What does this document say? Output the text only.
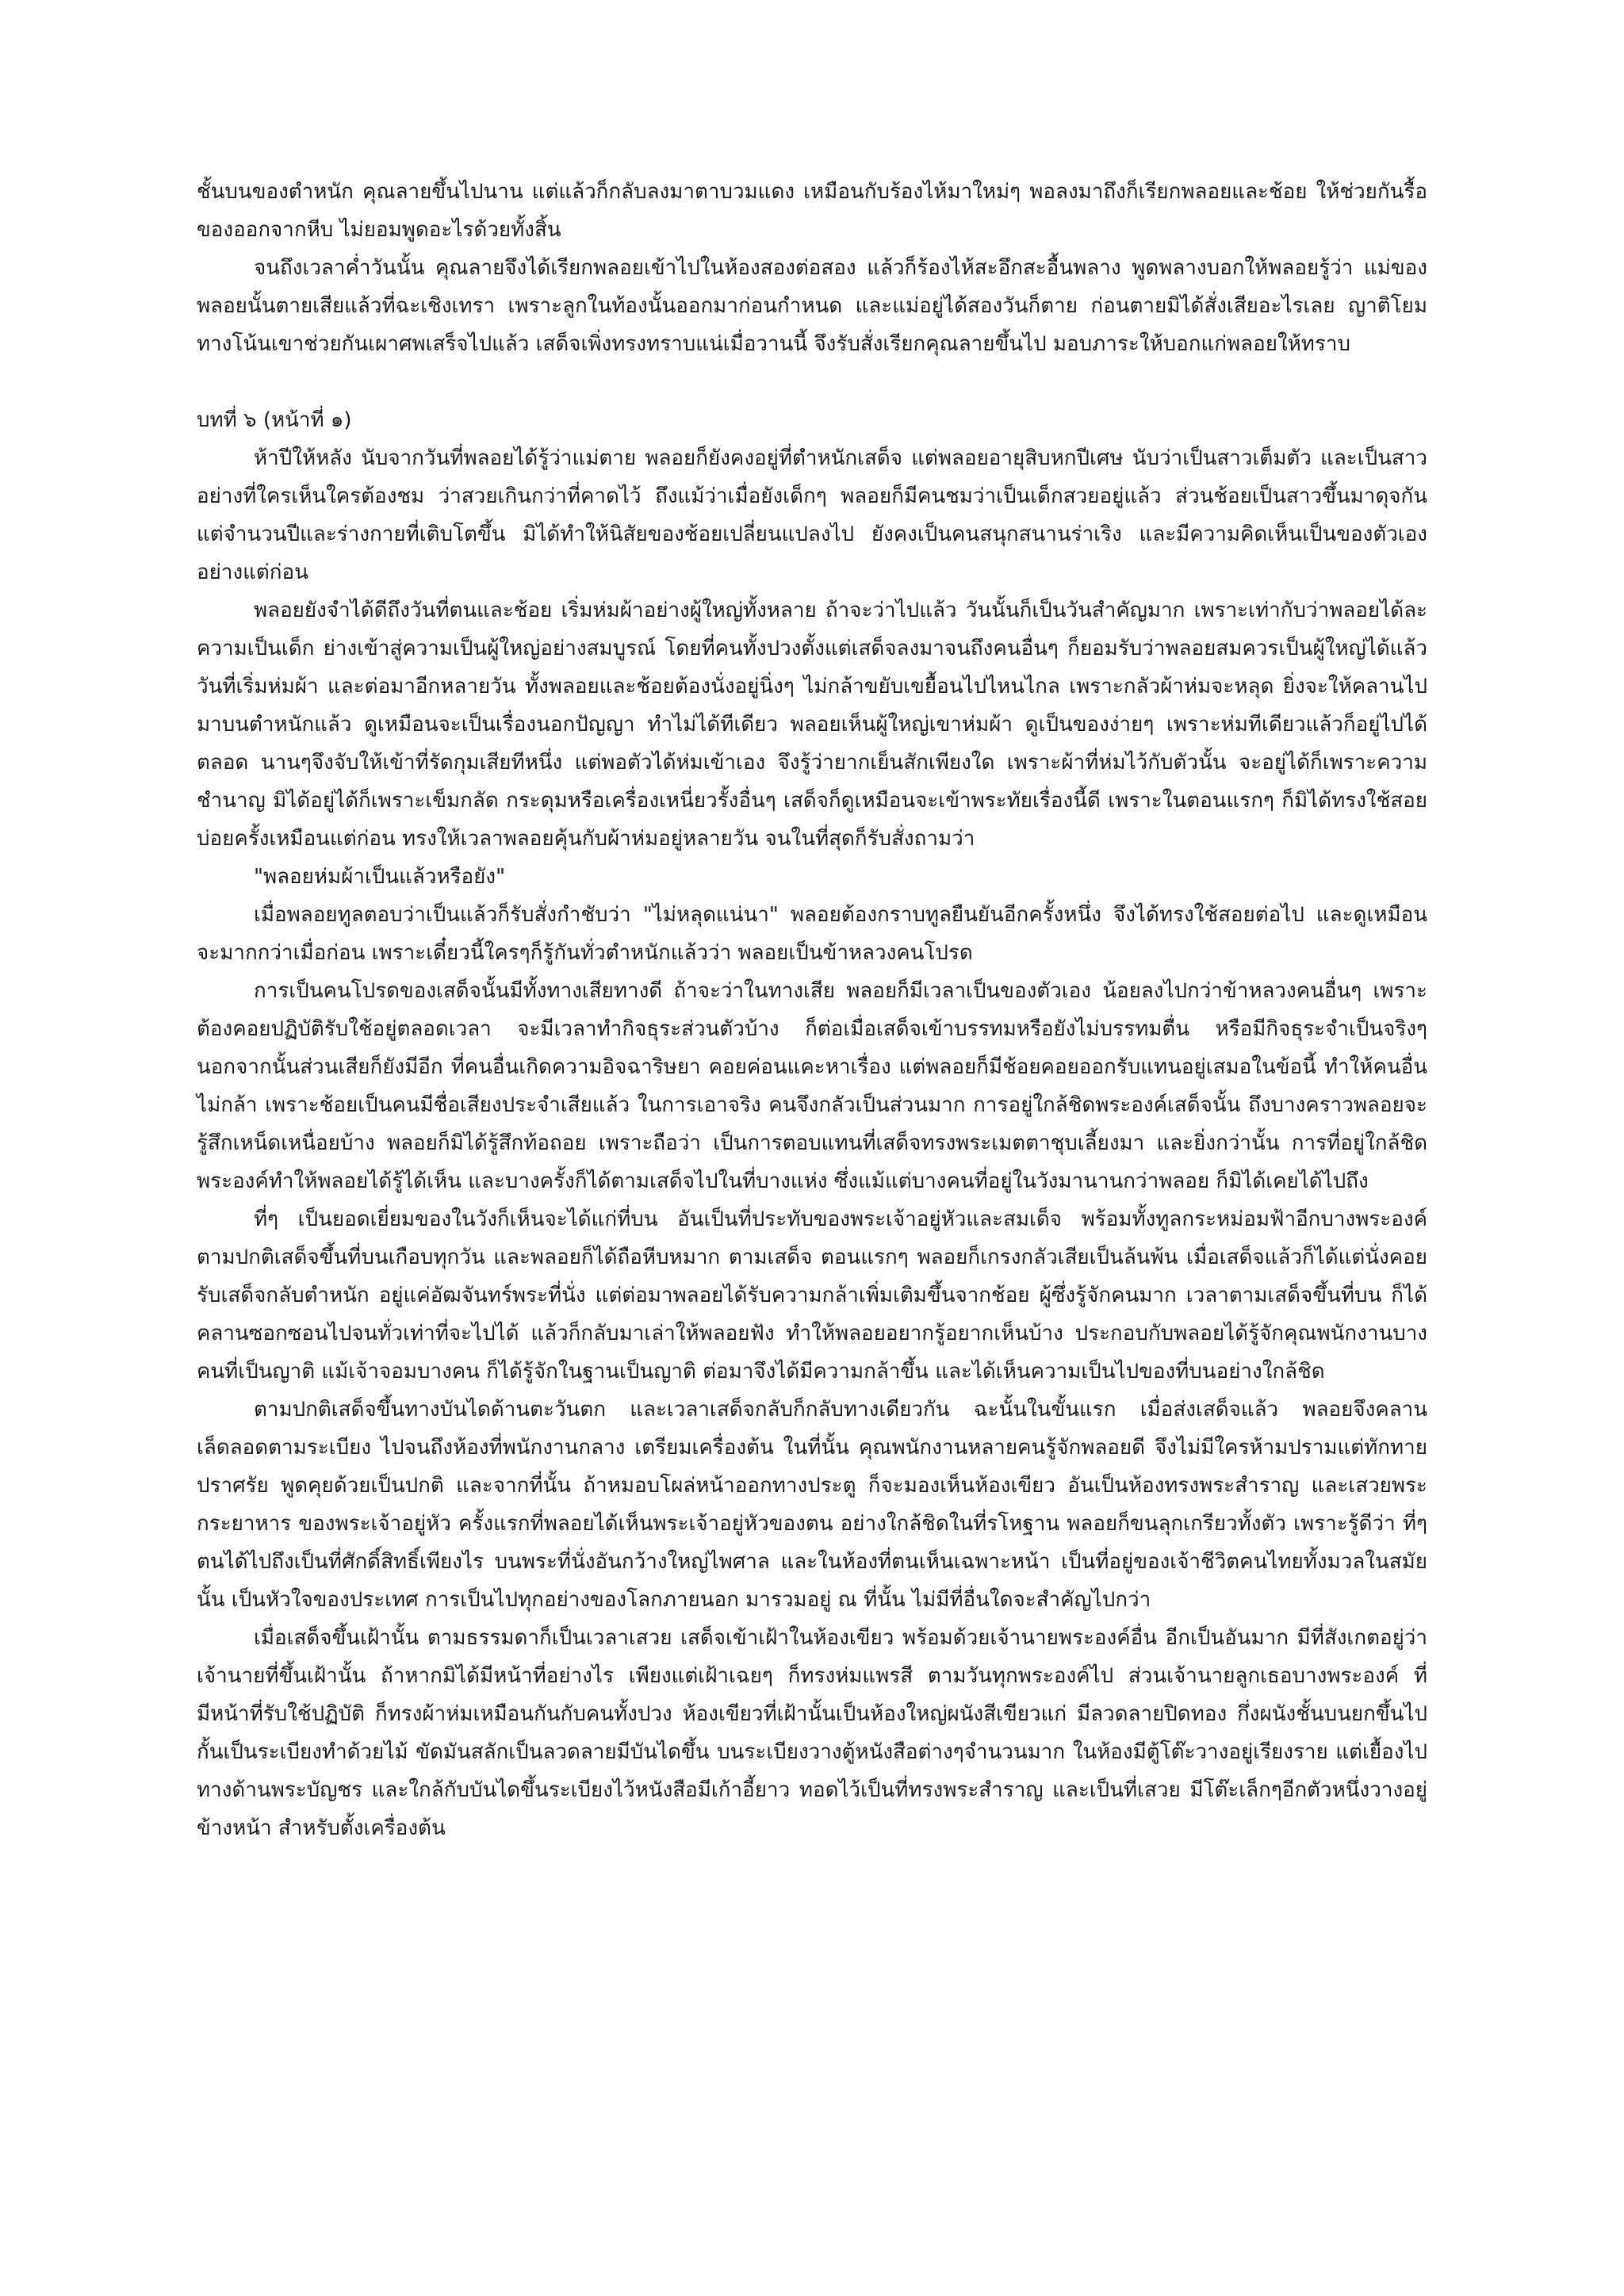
ชั้นบนของตำหนัก คุณลายขึ้นไปนาน แต่แล้วก็กลับลงมาตาบวมแดง เหมือนกับร้องไห้มาใหม่ๆ พอลงมาถึงก็เรียกพลอยและช้อย ให้ช่วยกันรื้อของออกจากหีบ ไม่ยอมพูดอะไรด้วยทั้งสิ้น

จนถึงเวลาค่ำวันนั้น คุณลายจึงได้เรียกพลอยเข้าไปในห้องสองต่อสอง แล้วก็ร้องไห้สะอึกสะอื้นพลาง พูดพลางบอกให้พลอยรู้ว่า แม่ของพลอยนั้นตายเสียแล้วที่ฉะเชิงเทรา เพราะลูกในท้องนั้นออกมาก่อนกำหนด และแม่อยู่ได้สองวันก็ตาย ก่อนตายมิได้สั่งเสียอะไรเลย ญาติโยมทางโน้นเขาช่วยกันเผาศพเสร็จไปแล้ว เสด็จเพิ่งทรงทราบแน่เมื่อวานนี้ จึงรับสั่งเรียกคุณลายขึ้นไป มอบภาระให้บอกแก่พลอยให้ทราบ

บทที่ ๖ (หน้าที่ ๑)

ห้าปีให้หลัง นับจากวันที่พลอยได้รู้ว่าแม่ตาย พลอยก็ยังคงอยู่ที่ตำหนักเสด็จ แต่พลอยอายุสิบหกปีเศษ นับว่าเป็นสาวเต็มตัว และเป็นสาวอย่างที่ใครเห็นใครต้องชม ว่าสวยเกินกว่าที่คาดไว้ ถึงแม้ว่าเมื่อยังเด็กๆ พลอยก็มีคนชมว่าเป็นเด็กสวยอยู่แล้ว ส่วนช้อยเป็นสาวขึ้นมาดุจกัน แต่จำนวนปีและร่างกายที่เติบโตขึ้น มิได้ทำให้นิสัยของช้อยเปลี่ยนแปลงไป ยังคงเป็นคนสนุกสนานร่าเริง และมีความคิดเห็นเป็นของตัวเอง อย่างแต่ก่อน

พลอยยังจำได้ดีถึงวันที่ตนและช้อย เริ่มห่มผ้าอย่างผู้ใหญ่ทั้งหลาย ถ้าจะว่าไปแล้ว วันนั้นก็เป็นวันสำคัญมาก เพราะเท่ากับว่าพลอยได้ละความเป็นเด็ก ย่างเข้าสู่ความเป็นผู้ใหญ่อย่างสมบูรณ์ โดยที่คนทั้งปวงตั้งแต่เสด็จลงมาจนถึงคนอื่นๆ ก็ยอมรับว่าพลอยสมควรเป็นผู้ใหญ่ได้แล้ว วันที่เริ่มห่มผ้า และต่อมาอีกหลายวัน ทั้งพลอยและช้อยต้องนั่งอยู่นิ่งๆ ไม่กล้าขยับเขยื้อนไปไหนไกล เพราะกลัวผ้าห่มจะหลุด ยิ่งจะให้คลานไปมาบนตำหนักแล้ว ดูเหมือนจะเป็นเรื่องนอกปัญญา ทำไม่ได้ทีเดียว พลอยเห็นผู้ใหญ่เขาห่มผ้า ดูเป็นของง่ายๆ เพราะห่มทีเดียวแล้วก็อยู่ไปได้ตลอด นานๆจึงจับให้เข้าที่รัดกุมเสียทีหนึ่ง แต่พอตัวได้ห่มเข้าเอง จึงรู้ว่ายากเย็นสักเพียงใด เพราะผ้าที่ห่มไว้กับตัวนั้น จะอยู่ได้ก็เพราะความชำนาญ มิได้อยู่ได้ก็เพราะเข็มกลัด กระดุมหรือเครื่องเหนี่ยวรั้งอื่นๆ เสด็จก็ดูเหมือนจะเข้าพระทัยเรื่องนี้ดี เพราะในตอนแรกๆ ก็มิได้ทรงใช้สอย บ่อยครั้งเหมือนแต่ก่อน ทรงให้เวลาพลอยคุ้นกับผ้าห่มอยู่หลายวัน จนในที่สุดก็รับสั่งถามว่า

"พลอยห่มผ้าเป็นแล้วหรือยัง"

เมื่อพลอยทูลตอบว่าเป็นแล้วก็รับสั่งกำชับว่า "ไม่หลุดแน่นา" พลอยต้องกราบทูลยืนยันอีกครั้งหนึ่ง จึงได้ทรงใช้สอยต่อไป และดูเหมือนจะมากกว่าเมื่อก่อน เพราะเดี๋ยวนี้ใครๆก็รู้กันทั่วตำหนักแล้วว่า พลอยเป็นข้าหลวงคนโปรด

การเป็นคนโปรดของเสด็จนั้นมีทั้งทางเสียทางดี ถ้าจะว่าในทางเสีย พลอยก็มีเวลาเป็นของตัวเอง น้อยลงไปกว่าข้าหลวงคนอื่นๆ เพราะต้องคอยปฏิบัติรับใช้อยู่ตลอดเวลา จะมีเวลาทำกิจธุระส่วนตัวบ้าง ก็ต่อเมื่อเสด็จเข้าบรรทมหรือยังไม่บรรทมตื่น หรือมีกิจธุระจำเป็นจริงๆ นอกจากนั้นส่วนเสียก็ยังมีอีก ที่คนอื่นเกิดความอิจฉาริษยา คอยค่อนแคะหาเรื่อง แต่พลอยก็มีช้อยคอยออกรับแทนอยู่เสมอในข้อนี้ ทำให้คนอื่นไม่กล้า เพราะช้อยเป็นคนมีชื่อเสียงประจำเสียแล้ว ในการเอาจริง คนจึงกลัวเป็นส่วนมาก การอยู่ใกล้ชิดพระองค์เสด็จนั้น ถึงบางคราวพลอยจะรู้สึกเหน็ดเหนื่อยบ้าง พลอยก็มิได้รู้สึกท้อถอย เพราะถือว่า เป็นการตอบแทนที่เสด็จทรงพระเมตตาชุบเลี้ยงมา และยิ่งกว่านั้น การที่อยู่ใกล้ชิดพระองค์ทำให้พลอยได้รู้ได้เห็น และบางครั้งก็ได้ตามเสด็จไปในที่บางแห่ง ซึ่งแม้แต่บางคนที่อยู่ในวังมานานกว่าพลอย ก็มิได้เคยได้ไปถึง

ที่ๆ เป็นยอดเยี่ยมของในวังก็เห็นจะได้แก่ที่บน อันเป็นที่ประทับของพระเจ้าอยู่หัวและสมเด็จ พร้อมทั้งทูลกระหม่อมฟ้าอีกบางพระองค์ ตามปกติเสด็จขึ้นที่บนเกือบทุกวัน และพลอยก็ได้ถือหีบหมาก ตามเสด็จ ตอนแรกๆ พลอยก็เกรงกลัวเสียเป็นล้นพ้น เมื่อเสด็จแล้วก็ได้แต่นั่งคอยรับเสด็จกลับตำหนัก อยู่แค่อัฒจันทร์พระที่นั่ง แต่ต่อมาพลอยได้รับความกล้าเพิ่มเติมขึ้นจากช้อย ผู้ซึ่งรู้จักคนมาก เวลาตามเสด็จขึ้นที่บน ก็ได้คลานซอกซอนไปจนทั่วเท่าที่จะไปได้ แล้วก็กลับมาเล่าให้พลอยฟัง ทำให้พลอยอยากรู้อยากเห็นบ้าง ประกอบกับพลอยได้รู้จักคุณพนักงานบางคนที่เป็นญาติ แม้เจ้าจอมบางคน ก็ได้รู้จักในฐานเป็นญาติ ต่อมาจึงได้มีความกล้าขึ้น และได้เห็นความเป็นไปของที่บนอย่างใกล้ชิด

ตามปกติเสด็จขึ้นทางบันไดด้านตะวันตก และเวลาเสด็จกลับก็กลับทางเดียวกัน ฉะนั้นในขั้นแรก เมื่อส่งเสด็จแล้ว พลอยจึงคลานเล็ดลอดตามระเบียง ไปจนถึงห้องที่พนักงานกลาง เตรียมเครื่องต้น ในที่นั้น คุณพนักงานหลายคนรู้จักพลอยดี จึงไม่มีใครห้ามปรามแต่ทักทายปราศรัย พูดคุยด้วยเป็นปกติ และจากที่นั้น ถ้าหมอบโผล่หน้าออกทางประตู ก็จะมองเห็นห้องเขียว อันเป็นห้องทรงพระสำราญ และเสวยพระกระยาหาร ของพระเจ้าอยู่หัว ครั้งแรกที่พลอยได้เห็นพระเจ้าอยู่หัวของตน อย่างใกล้ชิดในที่รโหฐาน พลอยก็ขนลุกเกรียวทั้งตัว เพราะรู้ดีว่า ที่ๆตนได้ไปถึงเป็นที่ศักดิ์สิทธิ์เพียงไร บนพระที่นั่งอันกว้างใหญ่ไพศาล และในห้องที่ตนเห็นเฉพาะหน้า เป็นที่อยู่ของเจ้าชีวิตคนไทยทั้งมวลในสมัยนั้น เป็นหัวใจของประเทศ การเป็นไปทุกอย่างของโลกภายนอก มารวมอยู่ ณ ที่นั้น ไม่มีที่อื่นใดจะสำคัญไปกว่า

เมื่อเสด็จขึ้นเฝ้านั้น ตามธรรมดาก็เป็นเวลาเสวย เสด็จเข้าเฝ้าในห้องเขียว พร้อมด้วยเจ้านายพระองค์อื่น อีกเป็นอันมาก มีที่สังเกตอยู่ว่าเจ้านายที่ขึ้นเฝ้านั้น ถ้าหากมิได้มีหน้าที่อย่างไร เพียงแต่เฝ้าเฉยๆ ก็ทรงห่มแพรสี ตามวันทุกพระองค์ไป ส่วนเจ้านายลูกเธอบางพระองค์ ที่มีหน้าที่รับใช้ปฏิบัติ ก็ทรงผ้าห่มเหมือนกันกับคนทั้งปวง ห้องเขียวที่เฝ้านั้นเป็นห้องใหญ่ผนังสีเขียวแก่ มีลวดลายปิดทอง กึ่งผนังชั้นบนยกขึ้นไป กั้นเป็นระเบียงทำด้วยไม้ ขัดมันสลักเป็นลวดลายมีบันไดขึ้น บนระเบียงวางตู้หนังสือต่างๆจำนวนมาก ในห้องมีตู้โต๊ะวางอยู่เรียงราย แต่เยื้องไปทางด้านพระบัญชร และใกล้กับบันไดขึ้นระเบียงไว้หนังสือมีเก้าอี้ยาว ทอดไว้เป็นที่ทรงพระสำราญ และเป็นที่เสวย มีโต๊ะเล็กๆอีกตัวหนึ่งวางอยู่ข้างหน้า สำหรับตั้งเครื่องต้น
